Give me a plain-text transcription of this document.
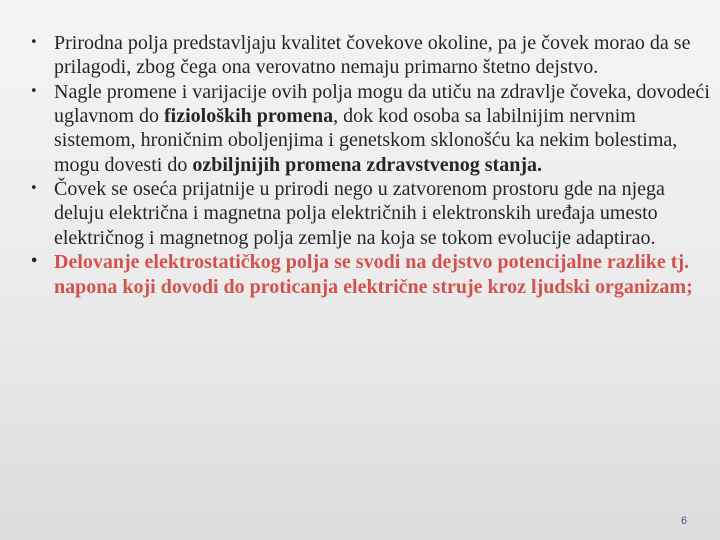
• Prirodna polja predstavljaju kvalitet čovekove okoline, pa je čovek morao da se prilagodi, zbog čega ona verovatno nemaju primarno štetno dejstvo.
• Nagle promene i varijacije ovih polja mogu da utiču na zdravlje čoveka, dovodeći uglavnom do fizioloških promena, dok kod osoba sa labilnijim nervnim sistemom, hroničnim oboljenjima i genetskom sklonošću ka nekim bolestima, mogu dovesti do ozbiljnijih promena zdravstvenog stanja.
• Čovek se oseća prijatnije u prirodi nego u zatvorenom prostoru gde na njega deluju električna i magnetna polja električnih i elektronskih uređaja umesto električnog i magnetnog polja zemlje na koja se tokom evolucije adaptirao.
• Delovanje elektrostatičkog polja se svodi na dejstvo potencijalne razlike tj. napona koji dovodi do proticanja električne struje kroz ljudski organizam;
6
